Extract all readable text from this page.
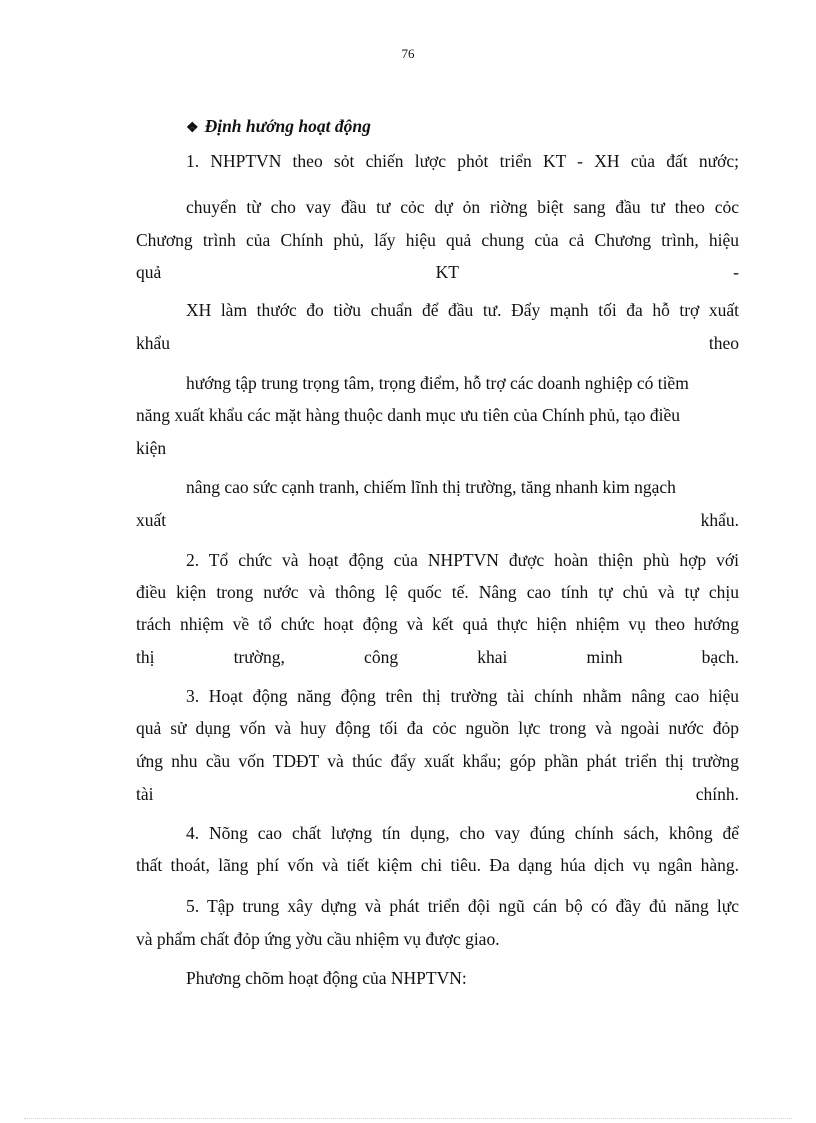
76
❖ Định hướng hoạt động
1. NHPTVN theo sỏt chiến lược phỏt triển KT - XH của đất nước;
chuyển từ cho vay đầu tư cỏc dự ỏn riờng biệt sang đầu tư theo cỏc
Chương trình của Chính phủ, lấy hiệu quả chung của cả Chương trình, hiệu
quả	KT	-
XH làm thước đo tiờu chuẩn để đầu tư. Đẩy mạnh tối đa hỗ trợ xuất
khẩu	theo
hướng tập trung trọng tâm, trọng điểm, hỗ trợ các doanh nghiệp có tiềm
năng xuất khẩu các mặt hàng thuộc danh mục ưu tiên của Chính phủ, tạo điều
kiện
nâng cao sức cạnh tranh, chiếm lĩnh thị trường, tăng nhanh kim ngạch
xuất	khẩu.
2. Tổ chức và hoạt động của NHPTVN được hoàn thiện phù hợp với
điều kiện trong nước và thông lệ quốc tế. Nâng cao tính tự chủ và tự chịu
trách nhiệm về tổ chức hoạt động và kết quả thực hiện nhiệm vụ theo hướng
thị	trường,	công	khai	minh	bạch.
3. Hoạt động năng động trên thị trường tài chính nhằm nâng cao hiệu
quả sử dụng vốn và huy động tối đa cỏc nguồn lực trong và ngoài nước đỏp
ứng nhu cầu vốn TDĐT và thúc đẩy xuất khẩu; góp phần phát triển thị trường
tài	chính.
4. Nõng cao chất lượng tín dụng, cho vay đúng chính sách, không để
thất thoát, lãng phí vốn và tiết kiệm chi tiêu. Đa dạng húa dịch vụ ngân hàng.
5. Tập trung xây dựng và phát triển đội ngũ cán bộ có đầy đủ năng lực
và phẩm chất đỏp ứng yờu cầu nhiệm vụ được giao.
Phương chõm hoạt động của NHPTVN:
